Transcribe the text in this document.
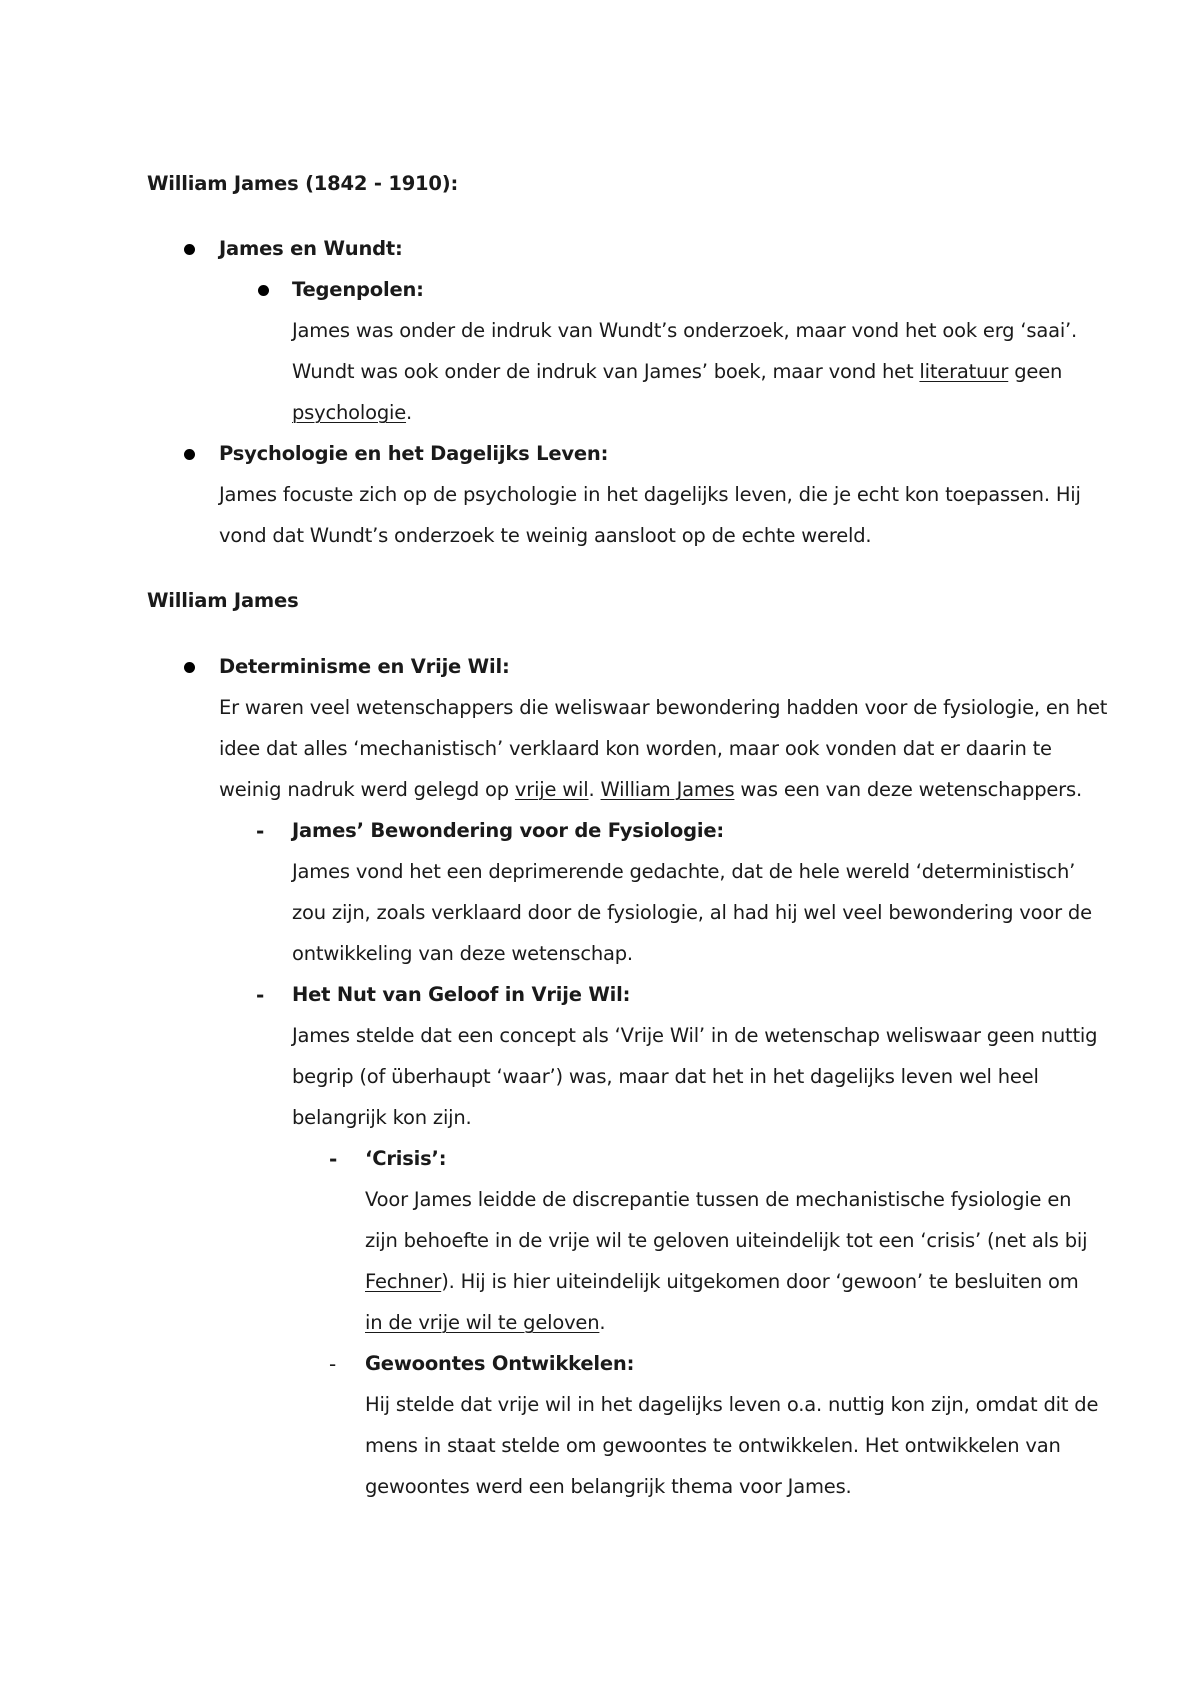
William James (1842 - 1910):
James en Wundt:
Tegenpolen:
James was onder de indruk van Wundt’s onderzoek, maar vond het ook erg ‘saai’.
Wundt was ook onder de indruk van James’ boek, maar vond het literatuur geen
psychologie.
Psychologie en het Dagelijks Leven:
James focuste zich op de psychologie in het dagelijks leven, die je echt kon toepassen. Hij
vond dat Wundt’s onderzoek te weinig aansloot op de echte wereld.
William James
Determinisme en Vrije Wil:
Er waren veel wetenschappers die weliswaar bewondering hadden voor de fysiologie, en het
idee dat alles ‘mechanistisch’ verklaard kon worden, maar ook vonden dat er daarin te
weinig nadruk werd gelegd op vrije wil. William James was een van deze wetenschappers.
- James’ Bewondering voor de Fysiologie:
James vond het een deprimerende gedachte, dat de hele wereld ‘deterministisch’
zou zijn, zoals verklaard door de fysiologie, al had hij wel veel bewondering voor de
ontwikkeling van deze wetenschap.
- Het Nut van Geloof in Vrije Wil:
James stelde dat een concept als ‘Vrije Wil’ in de wetenschap weliswaar geen nuttig
begrip (of überhaupt ‘waar’) was, maar dat het in het dagelijks leven wel heel
belangrijk kon zijn.
- ‘Crisis’:
Voor James leidde de discrepantie tussen de mechanistische fysiologie en
zijn behoefte in de vrije wil te geloven uiteindelijk tot een ‘crisis’ (net als bij
Fechner). Hij is hier uiteindelijk uitgekomen door ‘gewoon’ te besluiten om
in de vrije wil te geloven.
- Gewoontes Ontwikkelen:
Hij stelde dat vrije wil in het dagelijks leven o.a. nuttig kon zijn, omdat dit de
mens in staat stelde om gewoontes te ontwikkelen. Het ontwikkelen van
gewoontes werd een belangrijk thema voor James.
